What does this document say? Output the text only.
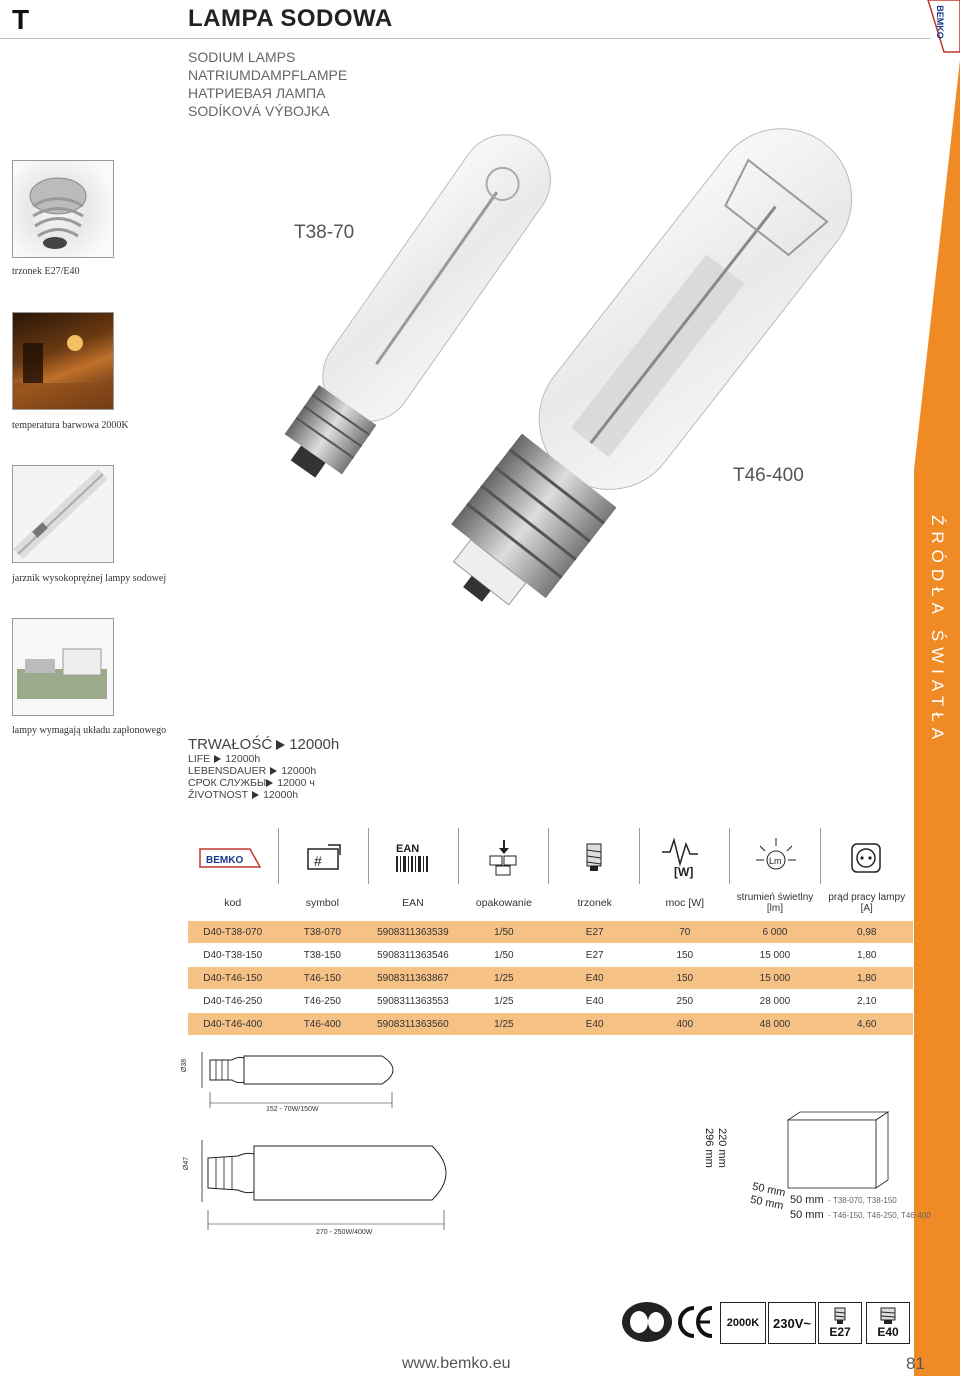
T	LAMPA SODOWA
SODIUM LAMPS
NATRIUMDAMPFLAMPE
НАТРИЕВАЯ ЛАМПА
SODÍKOVÁ VÝBOJKA
BEMKO
ŹRÓDŁA ŚWIATŁA
trzonek E27/E40
temperatura barwowa 2000K
jarznik wysokoprężnej lampy sodowej
lampy wymagają układu zapłonowego
T38-70
T46-400
TRWAŁOŚĆ 12000h
LIFE 12000h
LEBENSDAUER 12000h
СРОК СЛУЖБЫ 12000 ч
ŽIVOTNOST 12000h
BEMKO	#
EAN
[W]
Lm
kod	symbol	EAN	opakowanie	trzonek	moc [W]	strumień świetlny [lm]	prąd pracy lampy [A]
D40-T38-070	T38-070	5908311363539	1/50	E27	70	6 000	0,98
D40-T38-150	T38-150	5908311363546	1/50	E27	150	15 000	1,80
D40-T46-150	T46-150	5908311363867	1/25	E40	150	15 000	1,80
D40-T46-250	T46-250	5908311363553	1/25	E40	250	28 000	2,10
D40-T46-400	T46-400	5908311363560	1/25	E40	400	48 000	4,60
Ø38
152 - 70W/150W
Ø47
270 - 250W/400W
220 mm
296 mm
50 mm
50 mm 50 mm - T38-070, T38-150
50 mm - T46-150, T46-250, T46-400
2000K 230V~
E27 E40
www.bemko.eu	81
